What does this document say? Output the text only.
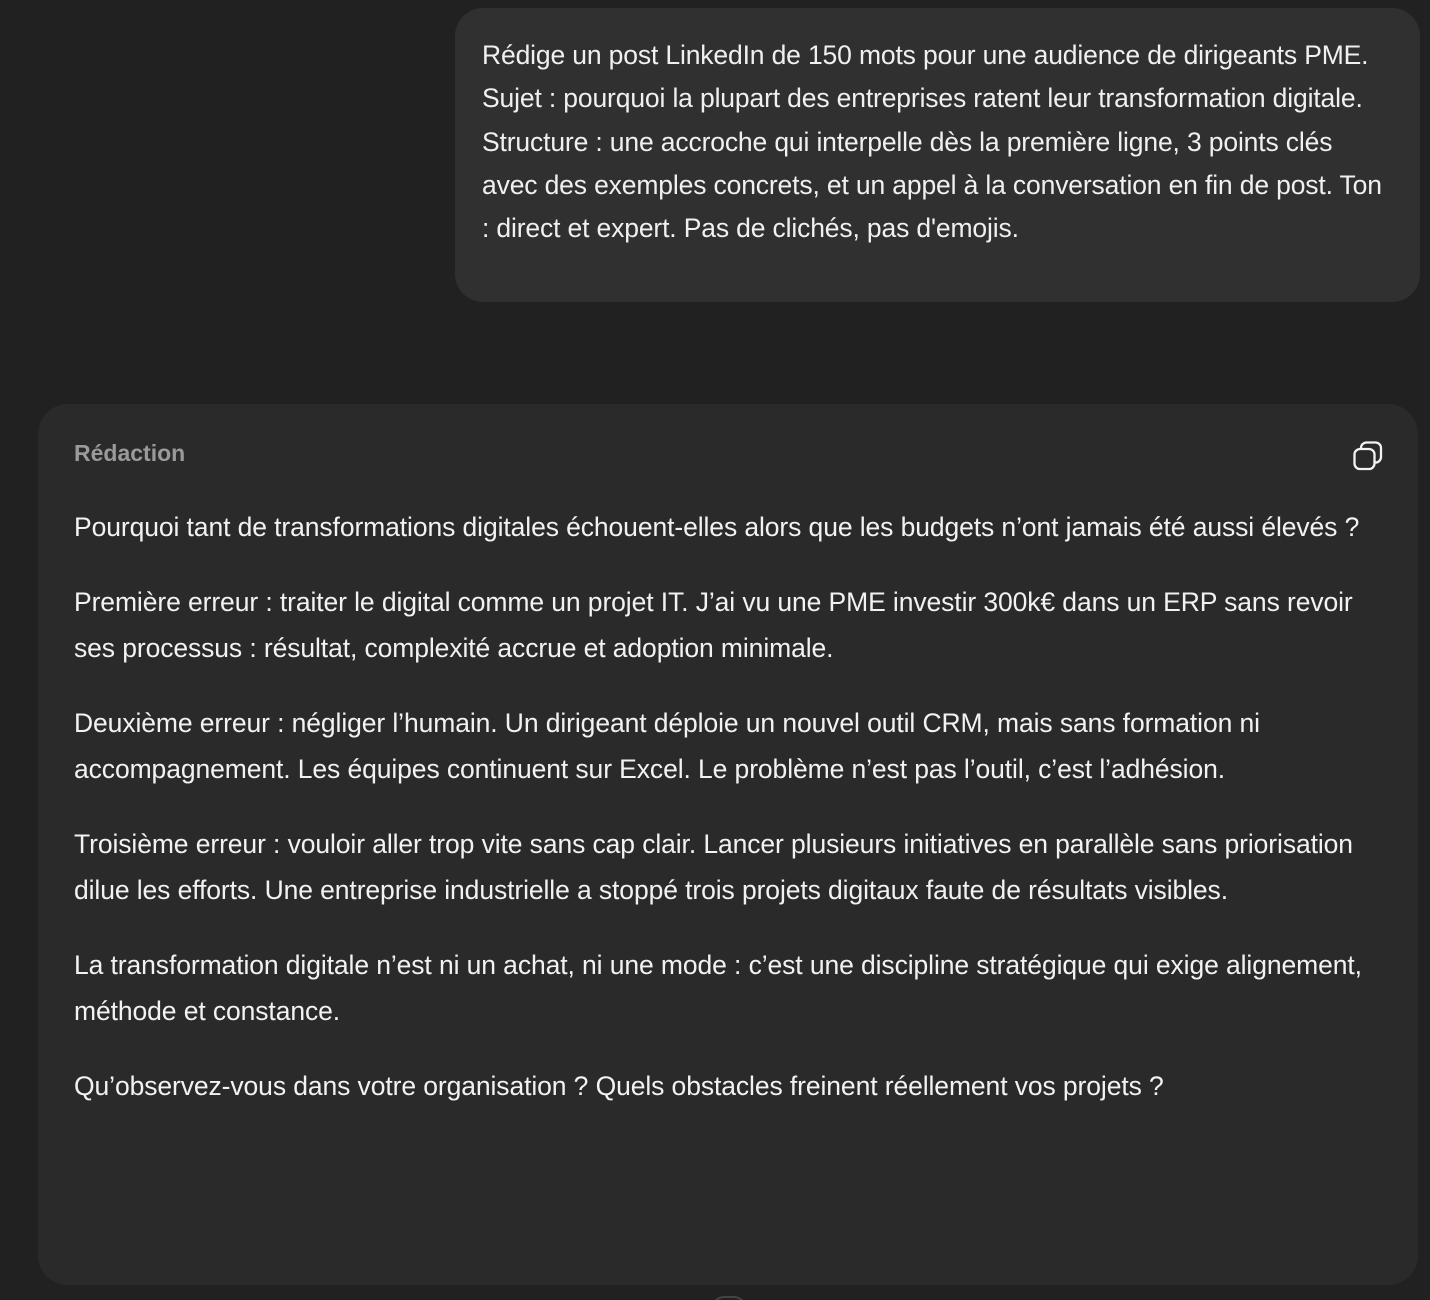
Rédige un post LinkedIn de 150 mots pour une audience de dirigeants PME. Sujet : pourquoi la plupart des entreprises ratent leur transformation digitale. Structure : une accroche qui interpelle dès la première ligne, 3 points clés avec des exemples concrets, et un appel à la conversation en fin de post. Ton : direct et expert. Pas de clichés, pas d'emojis.

Rédaction

Pourquoi tant de transformations digitales échouent-elles alors que les budgets n’ont jamais été aussi élevés ?

Première erreur : traiter le digital comme un projet IT. J’ai vu une PME investir 300k€ dans un ERP sans revoir ses processus : résultat, complexité accrue et adoption minimale.

Deuxième erreur : négliger l’humain. Un dirigeant déploie un nouvel outil CRM, mais sans formation ni accompagnement. Les équipes continuent sur Excel. Le problème n’est pas l’outil, c’est l’adhésion.

Troisième erreur : vouloir aller trop vite sans cap clair. Lancer plusieurs initiatives en parallèle sans priorisation dilue les efforts. Une entreprise industrielle a stoppé trois projets digitaux faute de résultats visibles.

La transformation digitale n’est ni un achat, ni une mode : c’est une discipline stratégique qui exige alignement, méthode et constance.

Qu’observez-vous dans votre organisation ? Quels obstacles freinent réellement vos projets ?
